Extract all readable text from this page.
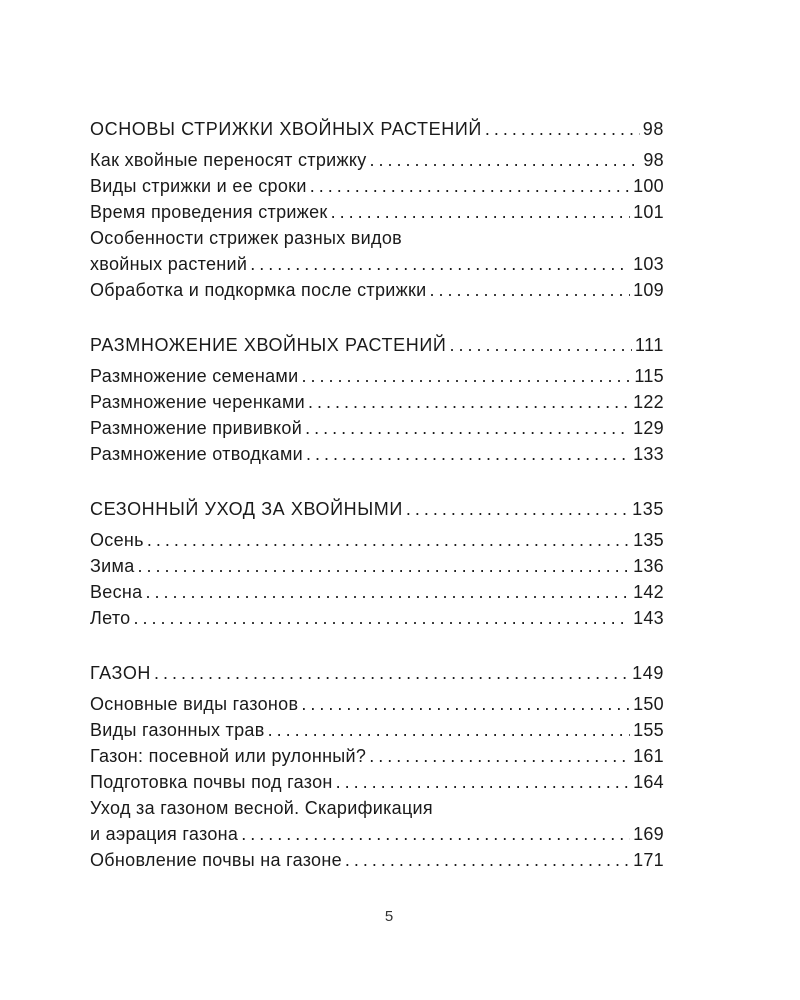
ОСНОВЫ СТРИЖКИ ХВОЙНЫХ РАСТЕНИЙ . . .	98
Как хвойные переносят стрижку . . .	98
Виды стрижки и ее сроки . . .	100
Время проведения стрижек . . .	101
Особенности стрижек разных видов
хвойных растений . . .	103
Обработка и подкормка после стрижки . . .	109
РАЗМНОЖЕНИЕ ХВОЙНЫХ РАСТЕНИЙ . . .	111
Размножение семенами . . .	115
Размножение черенками . . .	122
Размножение прививкой . . .	129
Размножение отводками . . .	133
СЕЗОННЫЙ УХОД ЗА ХВОЙНЫМИ . . .	135
Осень . . .	135
Зима . . .	136
Весна . . .	142
Лето . . .	143
ГАЗОН . . .	149
Основные виды газонов . . .	150
Виды газонных трав . . .	155
Газон: посевной или рулонный? . . .	161
Подготовка почвы под газон . . .	164
Уход за газоном весной. Скарификация
и аэрация газона . . .	169
Обновление почвы на газоне . . .	171
5
